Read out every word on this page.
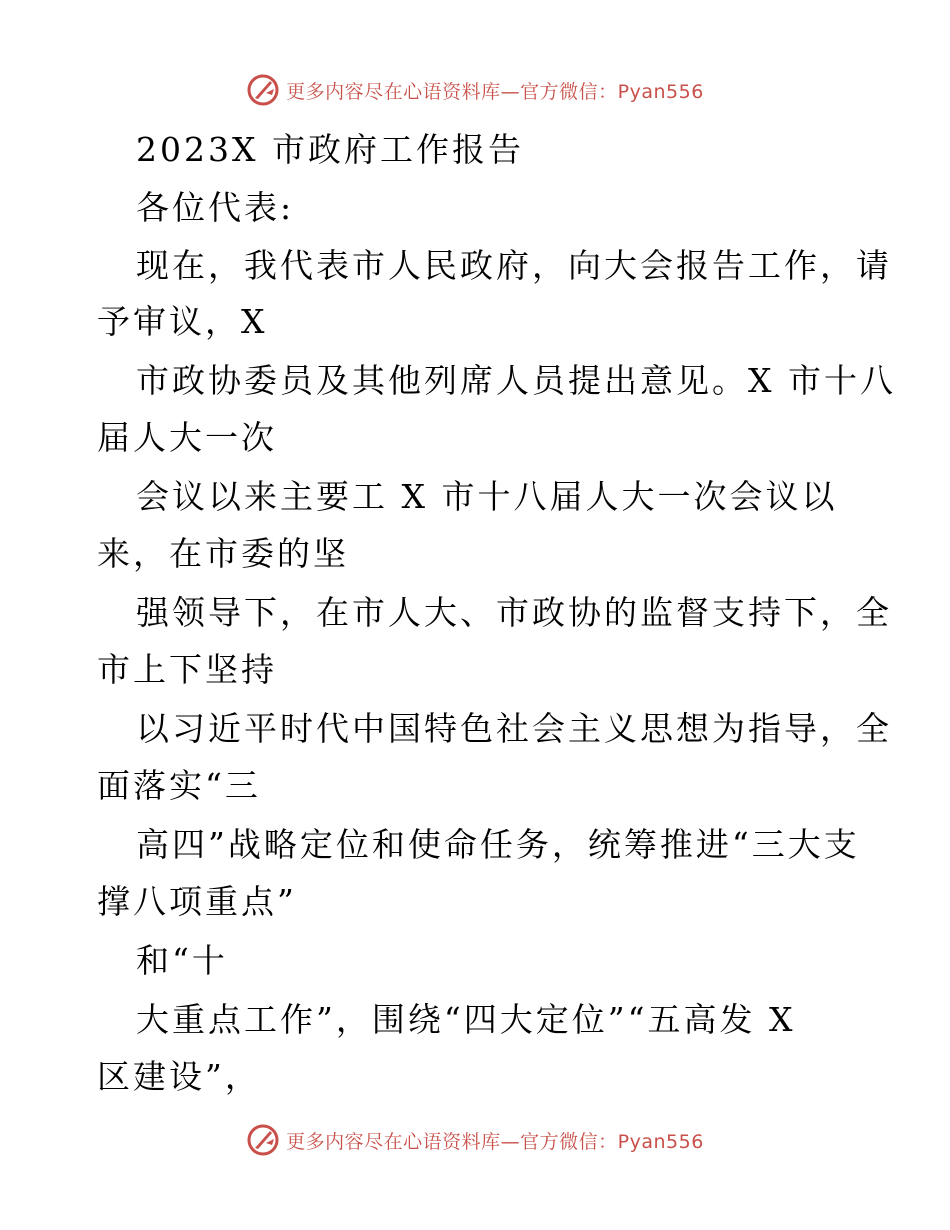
更多内容尽在心语资料库—官方微信：Pyan556
2023X 市政府工作报告
各位代表:
现在，我代表市人民政府，向大会报告工作，请
予审议，X
市政协委员及其他列席人员提出意见。X 市十八
届人大一次
会议以来主要工 X 市十八届人大一次会议以
来，在市委的坚
强领导下，在市人大、市政协的监督支持下，全
市上下坚持
以习近平时代中国特色社会主义思想为指导，全
面落实“三
高四”战略定位和使命任务，统筹推进“三大支
撑八项重点”
和“十
大重点工作”，围绕“四大定位”“五高发 X
区建设”，
更多内容尽在心语资料库—官方微信：Pyan556
